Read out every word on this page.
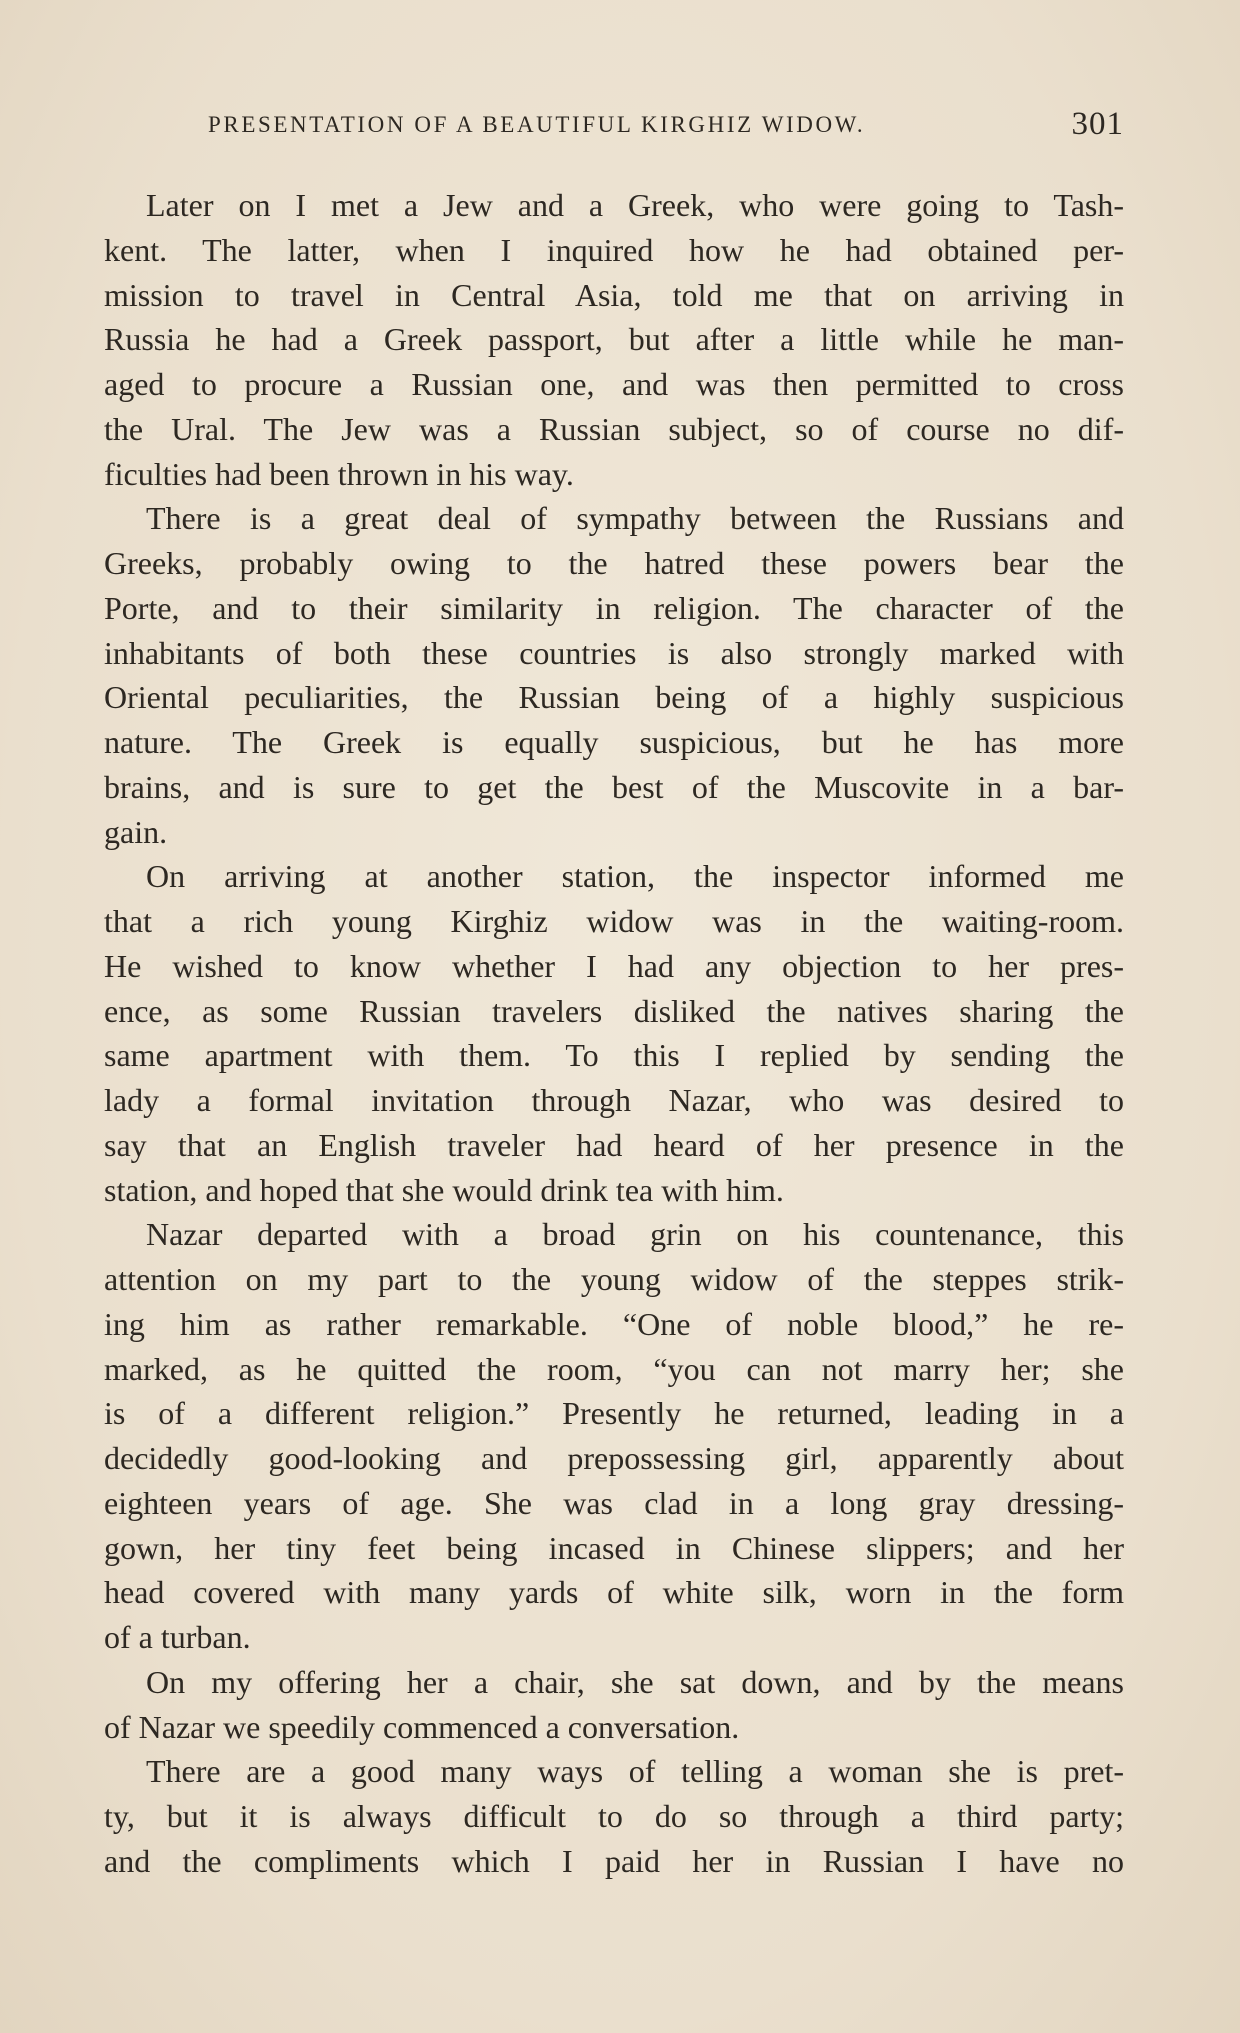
PRESENTATION OF A BEAUTIFUL KIRGHIZ WIDOW.	301
Later on I met a Jew and a Greek, who were going to Tash-
kent. The latter, when I inquired how he had obtained per-
mission to travel in Central Asia, told me that on arriving in
Russia he had a Greek passport, but after a little while he man-
aged to procure a Russian one, and was then permitted to cross
the Ural. The Jew was a Russian subject, so of course no dif-
ficulties had been thrown in his way.
There is a great deal of sympathy between the Russians and
Greeks, probably owing to the hatred these powers bear the
Porte, and to their similarity in religion. The character of the
inhabitants of both these countries is also strongly marked with
Oriental peculiarities, the Russian being of a highly suspicious
nature. The Greek is equally suspicious, but he has more
brains, and is sure to get the best of the Muscovite in a bar-
gain.
On arriving at another station, the inspector informed me
that a rich young Kirghiz widow was in the waiting-room.
He wished to know whether I had any objection to her pres-
ence, as some Russian travelers disliked the natives sharing the
same apartment with them. To this I replied by sending the
lady a formal invitation through Nazar, who was desired to
say that an English traveler had heard of her presence in the
station, and hoped that she would drink tea with him.
Nazar departed with a broad grin on his countenance, this
attention on my part to the young widow of the steppes strik-
ing him as rather remarkable. “One of noble blood,” he re-
marked, as he quitted the room, “you can not marry her; she
is of a different religion.” Presently he returned, leading in a
decidedly good-looking and prepossessing girl, apparently about
eighteen years of age. She was clad in a long gray dressing-
gown, her tiny feet being incased in Chinese slippers; and her
head covered with many yards of white silk, worn in the form
of a turban.
On my offering her a chair, she sat down, and by the means
of Nazar we speedily commenced a conversation.
There are a good many ways of telling a woman she is pret-
ty, but it is always difficult to do so through a third party;
and the compliments which I paid her in Russian I have no
